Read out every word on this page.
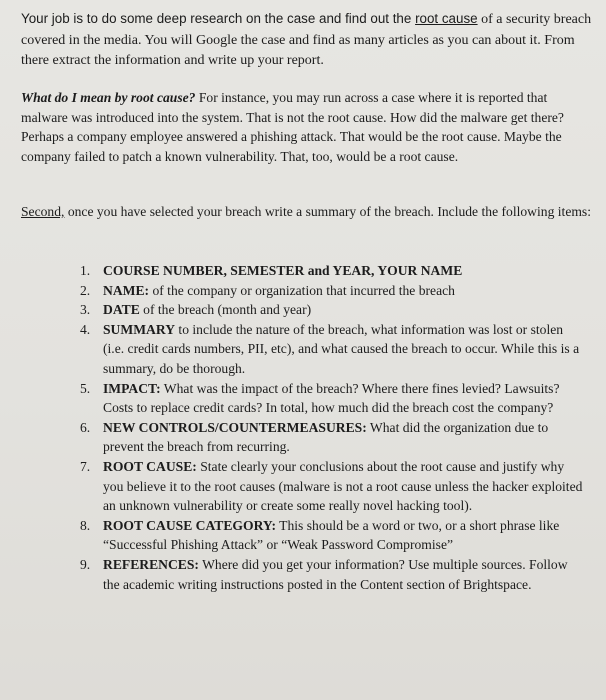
Your job is to do some deep research on the case and find out the root cause of a security breach covered in the media. You will Google the case and find as many articles as you can about it. From there extract the information and write up your report.
What do I mean by root cause? For instance, you may run across a case where it is reported that malware was introduced into the system. That is not the root cause. How did the malware get there? Perhaps a company employee answered a phishing attack. That would be the root cause. Maybe the company failed to patch a known vulnerability. That, too, would be a root cause.
Second, once you have selected your breach write a summary of the breach. Include the following items:
1. COURSE NUMBER, SEMESTER and YEAR, YOUR NAME
2. NAME: of the company or organization that incurred the breach
3. DATE of the breach (month and year)
4. SUMMARY to include the nature of the breach, what information was lost or stolen (i.e. credit cards numbers, PII, etc), and what caused the breach to occur. While this is a summary, do be thorough.
5. IMPACT: What was the impact of the breach? Where there fines levied? Lawsuits? Costs to replace credit cards? In total, how much did the breach cost the company?
6. NEW CONTROLS/COUNTERMEASURES: What did the organization due to prevent the breach from recurring.
7. ROOT CAUSE: State clearly your conclusions about the root cause and justify why you believe it to the root causes (malware is not a root cause unless the hacker exploited an unknown vulnerability or create some really novel hacking tool).
8. ROOT CAUSE CATEGORY: This should be a word or two, or a short phrase like “Successful Phishing Attack” or “Weak Password Compromise”
9. REFERENCES: Where did you get your information? Use multiple sources. Follow the academic writing instructions posted in the Content section of Brightspace.
